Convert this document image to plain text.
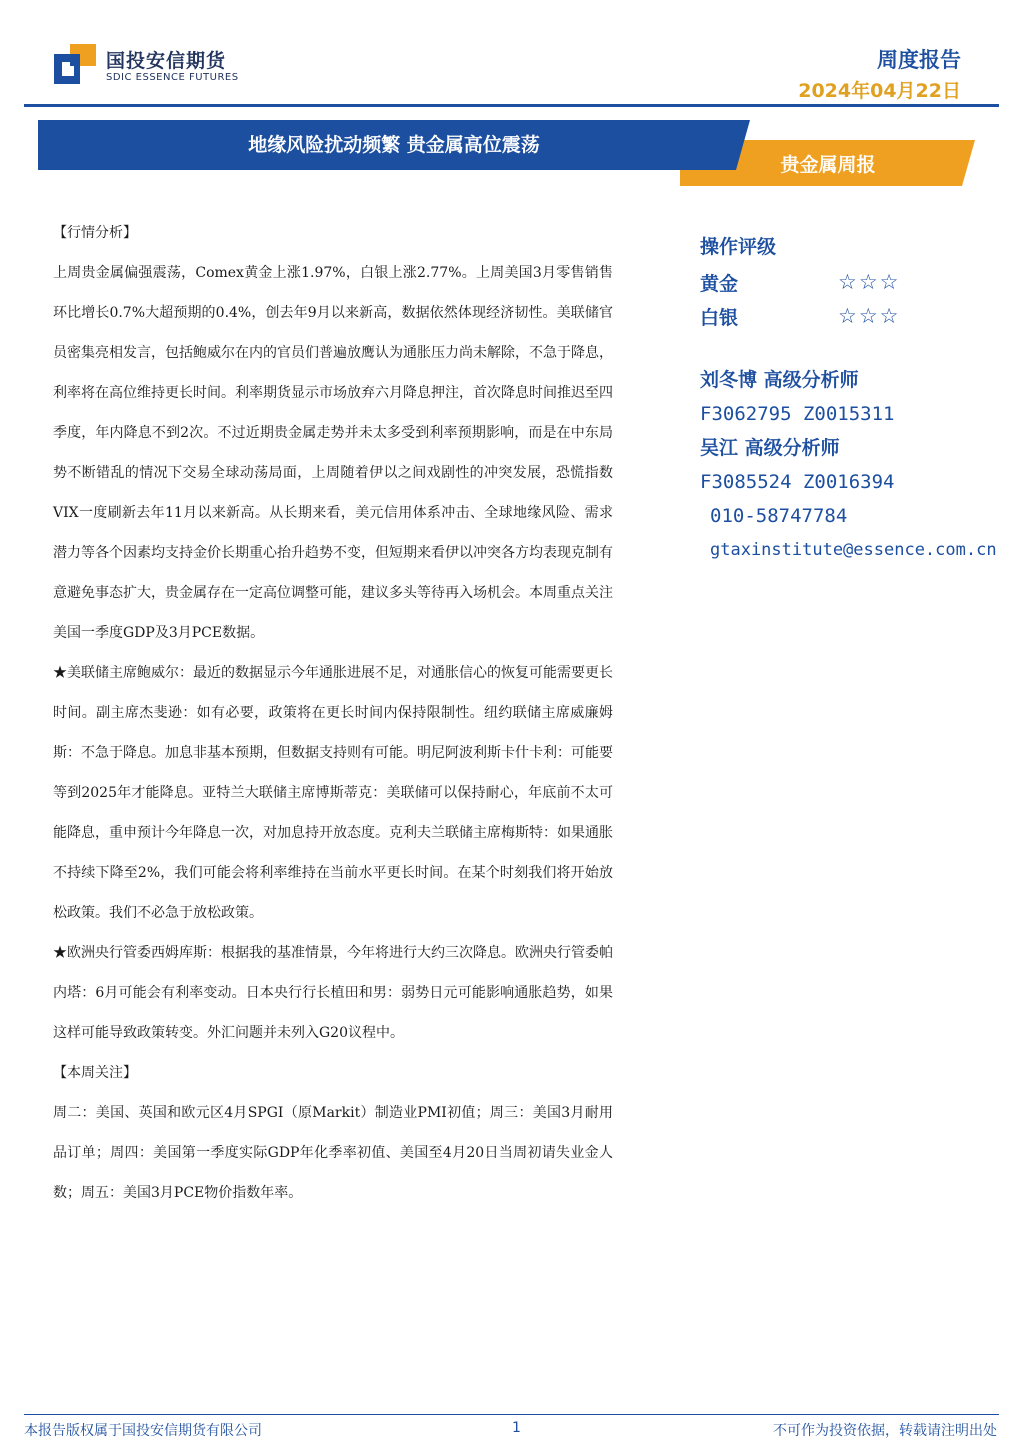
国投安信期货
SDIC ESSENCE FUTURES
周度报告
2024年04月22日
地缘风险扰动频繁 贵金属高位震荡
贵金属周报

【行情分析】

上周贵金属偏强震荡，Comex黄金上涨1.97%，白银上涨2.77%。上周美国3月零售销售环比增长0.7%大超预期的0.4%，创去年9月以来新高，数据依然体现经济韧性。美联储官员密集亮相发言，包括鲍威尔在内的官员们普遍放鹰认为通胀压力尚未解除，不急于降息，利率将在高位维持更长时间。利率期货显示市场放弃六月降息押注，首次降息时间推迟至四季度，年内降息不到2次。不过近期贵金属走势并未太多受到利率预期影响，而是在中东局势不断错乱的情况下交易全球动荡局面，上周随着伊以之间戏剧性的冲突发展，恐慌指数VIX一度刷新去年11月以来新高。从长期来看，美元信用体系冲击、全球地缘风险、需求潜力等各个因素均支持金价长期重心抬升趋势不变，但短期来看伊以冲突各方均表现克制有意避免事态扩大，贵金属存在一定高位调整可能，建议多头等待再入场机会。本周重点关注美国一季度GDP及3月PCE数据。

★美联储主席鲍威尔：最近的数据显示今年通胀进展不足，对通胀信心的恢复可能需要更长时间。副主席杰斐逊：如有必要，政策将在更长时间内保持限制性。纽约联储主席威廉姆斯：不急于降息。加息非基本预期，但数据支持则有可能。明尼阿波利斯卡什卡利：可能要等到2025年才能降息。亚特兰大联储主席博斯蒂克：美联储可以保持耐心，年底前不太可能降息，重申预计今年降息一次，对加息持开放态度。克利夫兰联储主席梅斯特：如果通胀不持续下降至2%，我们可能会将利率维持在当前水平更长时间。在某个时刻我们将开始放松政策。我们不必急于放松政策。

★欧洲央行管委西姆库斯：根据我的基准情景，今年将进行大约三次降息。欧洲央行管委帕内塔：6月可能会有利率变动。日本央行行长植田和男：弱势日元可能影响通胀趋势，如果这样可能导致政策转变。外汇问题并未列入G20议程中。

【本周关注】

周二：美国、英国和欧元区4月SPGI（原Markit）制造业PMI初值；周三：美国3月耐用品订单；周四：美国第一季度实际GDP年化季率初值、美国至4月20日当周初请失业金人数；周五：美国3月PCE物价指数年率。

操作评级
黄金	☆☆☆
白银	☆☆☆
刘冬博 高级分析师
F3062795 Z0015311
吴江 高级分析师
F3085524 Z0016394
010-58747784
gtaxinstitute@essence.com.cn
本报告版权属于国投安信期货有限公司	1	不可作为投资依据，转载请注明出处
